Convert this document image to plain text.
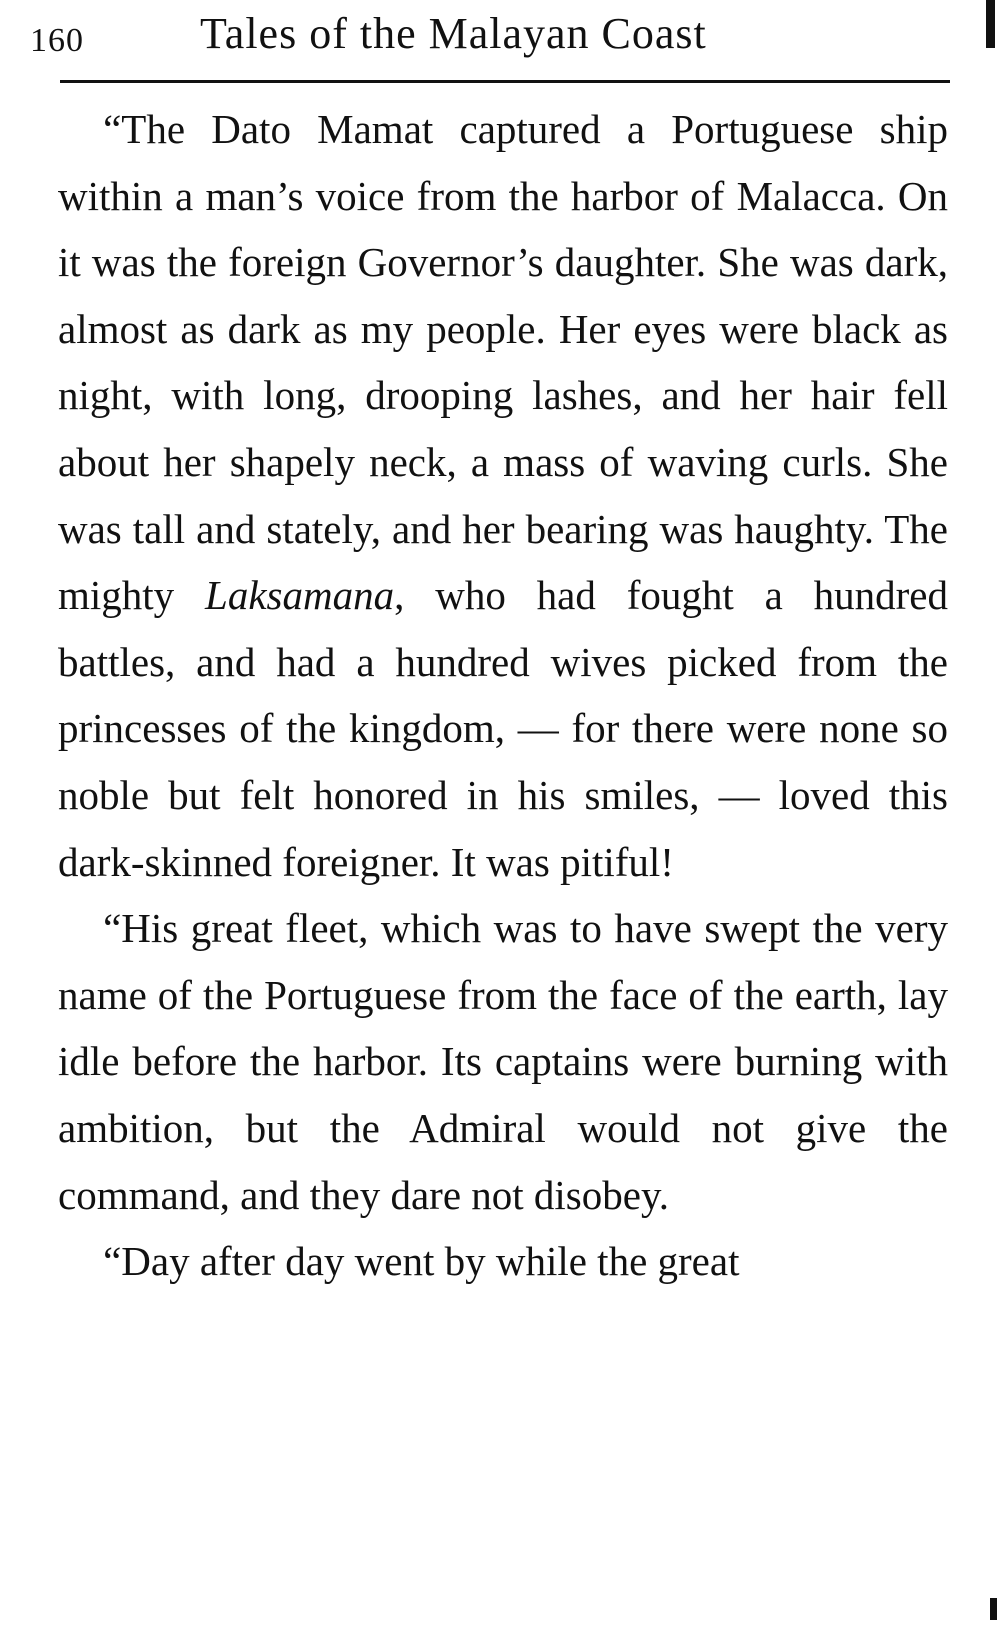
160	Tales of the Malayan Coast

“The Dato Mamat captured a Portuguese ship within a man’s voice from the harbor of Malacca. On it was the foreign Governor’s daughter. She was dark, almost as dark as my people. Her eyes were black as night, with long, drooping lashes, and her hair fell about her shapely neck, a mass of waving curls. She was tall and stately, and her bearing was haughty. The mighty Laksamana, who had fought a hundred battles, and had a hundred wives picked from the princesses of the kingdom, — for there were none so noble but felt honored in his smiles, — loved this dark-skinned foreigner. It was pitiful!

“His great fleet, which was to have swept the very name of the Portuguese from the face of the earth, lay idle before the harbor. Its captains were burning with ambition, but the Admiral would not give the command, and they dare not disobey.

“Day after day went by while the great
